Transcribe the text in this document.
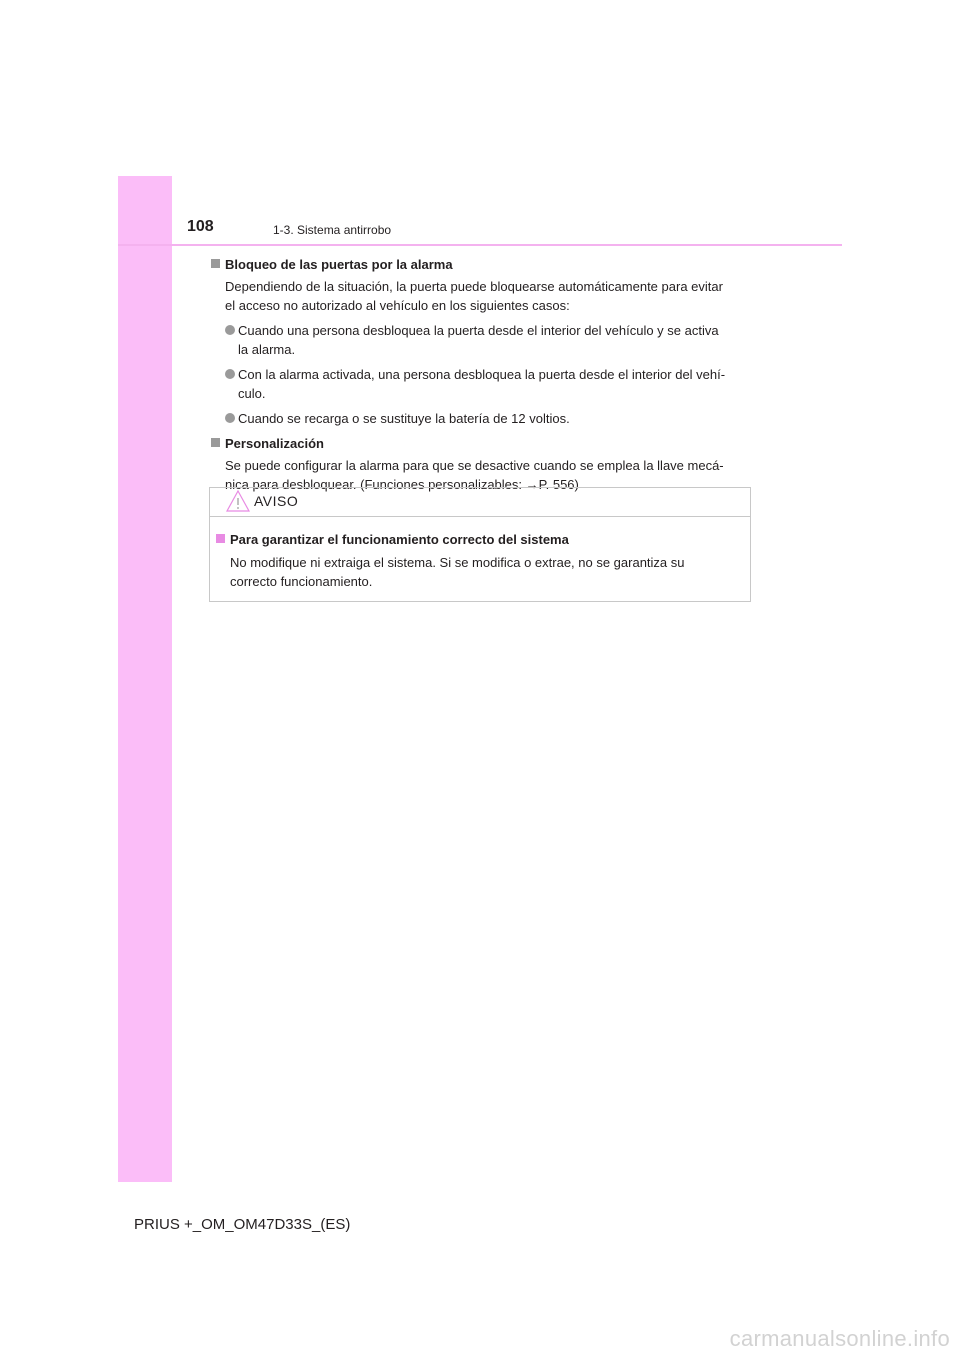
108	1-3. Sistema antirrobo
Bloqueo de las puertas por la alarma
Dependiendo de la situación, la puerta puede bloquearse automáticamente para evitar
el acceso no autorizado al vehículo en los siguientes casos:
Cuando una persona desbloquea la puerta desde el interior del vehículo y se activa
la alarma.
Con la alarma activada, una persona desbloquea la puerta desde el interior del vehí-
culo.
Cuando se recarga o se sustituye la batería de 12 voltios.
Personalización
Se puede configurar la alarma para que se desactive cuando se emplea la llave mecá-
nica para desbloquear. (Funciones personalizables: →P. 556)
AVISO
Para garantizar el funcionamiento correcto del sistema
No modifique ni extraiga el sistema. Si se modifica o extrae, no se garantiza su
correcto funcionamiento.
PRIUS +_OM_OM47D33S_(ES)
carmanualsonline.info
